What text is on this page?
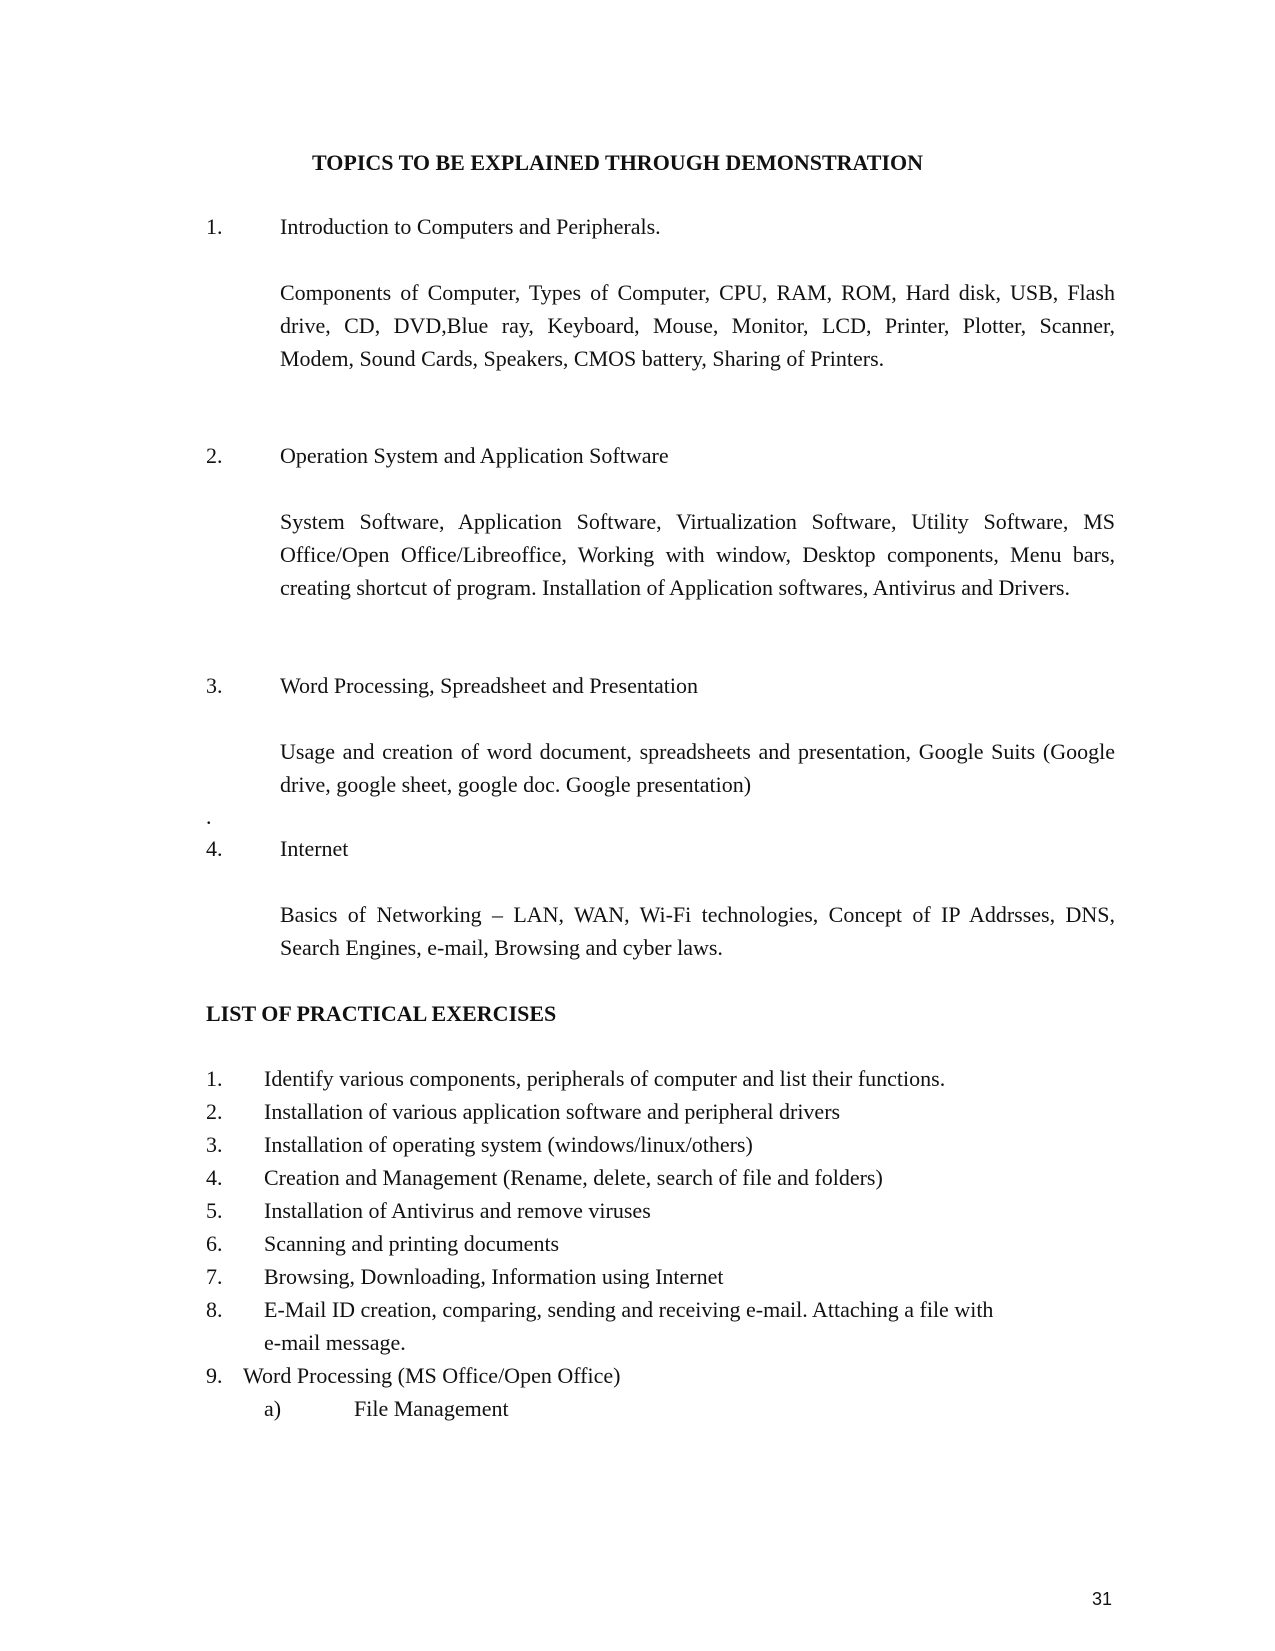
TOPICS TO BE EXPLAINED THROUGH DEMONSTRATION
1.	Introduction to Computers and Peripherals.
Components of Computer, Types of Computer, CPU, RAM, ROM, Hard disk, USB, Flash drive, CD, DVD,Blue ray, Keyboard, Mouse, Monitor, LCD, Printer, Plotter, Scanner, Modem, Sound Cards, Speakers, CMOS battery, Sharing of Printers.
2.	Operation System and Application Software
System Software, Application Software, Virtualization Software, Utility Software, MS Office/Open Office/Libreoffice, Working with window, Desktop components, Menu bars, creating shortcut of program. Installation of Application softwares, Antivirus and Drivers.
3.	Word Processing, Spreadsheet and Presentation
Usage and creation of word document, spreadsheets and presentation, Google Suits (Google drive, google sheet, google doc. Google presentation)
.
4.	Internet
Basics of Networking – LAN, WAN, Wi-Fi technologies, Concept of IP Addrsses, DNS, Search Engines, e-mail, Browsing and cyber laws.
LIST OF PRACTICAL EXERCISES
1. Identify various components, peripherals of computer and list their functions.
2. Installation of various application software and peripheral drivers
3. Installation of operating system (windows/linux/others)
4. Creation and Management (Rename, delete, search of file and folders)
5. Installation of Antivirus and remove viruses
6. Scanning and printing documents
7. Browsing, Downloading, Information using Internet
8. E-Mail ID creation, comparing, sending and receiving e-mail. Attaching a file with
e-mail message.
9. Word Processing (MS Office/Open Office)
a)	File Management
31
